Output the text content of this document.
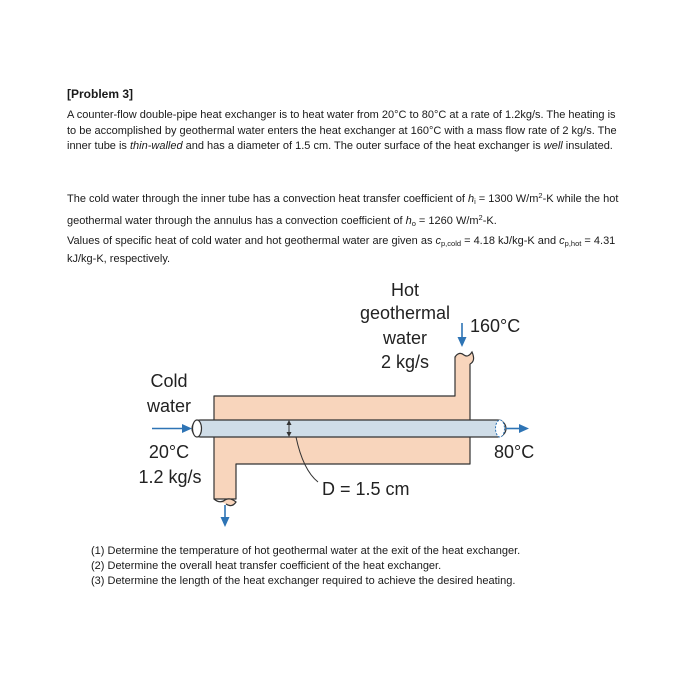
[Problem 3]
A counter-flow double-pipe heat exchanger is to heat water from 20°C to 80°C at a rate of 1.2kg/s. The heating is to be accomplished by geothermal water enters the heat exchanger at 160°C with a mass flow rate of 2 kg/s. The inner tube is thin-walled and has a diameter of 1.5 cm. The outer surface of the heat exchanger is well insulated.
The cold water through the inner tube has a convection heat transfer coefficient of $h_i = 1300$ $W/m^2-K$ while the hot geothermal water through the annulus has a convection coefficient of $h_o = 1260$ $W/m^2-K$.
Values of specific heat of cold water and hot geothermal water are given as $c_{p,cold} = 4.18$ kJ/kg-K and $c_{p,hot} = 4.31$ kJ/kg-K, respectively.
Hot
geothermal
water
2 kg/s
160°C
Cold
water
20°C
1.2 kg/s
80°C
D = 1.5 cm
(1) Determine the temperature of hot geothermal water at the exit of the heat exchanger.
(2) Determine the overall heat transfer coefficient of the heat exchanger.
(3) Determine the length of the heat exchanger required to achieve the desired heating.
